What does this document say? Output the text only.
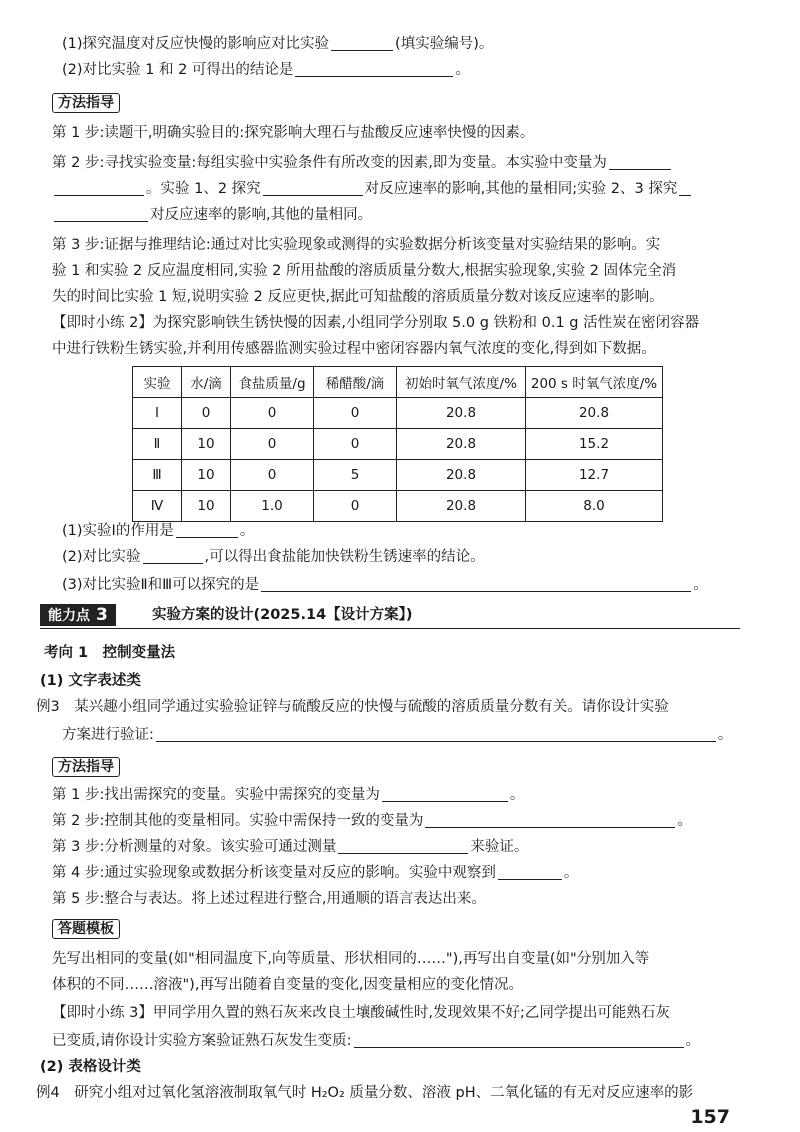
(1)探究温度对反应快慢的影响应对比实验	(填实验编号)。
(2)对比实验 1 和 2 可得出的结论是	。
方法指导
第 1 步:读题干,明确实验目的:探究影响大理石与盐酸反应速率快慢的因素。
第 2 步:寻找实验变量:每组实验中实验条件有所改变的因素,即为变量。本实验中变量为
。实验 1、2 探究	对反应速率的影响,其他的量相同;实验 2、3 探究
对反应速率的影响,其他的量相同。
第 3 步:证据与推理结论:通过对比实验现象或测得的实验数据分析该变量对实验结果的影响。实
验 1 和实验 2 反应温度相同,实验 2 所用盐酸的溶质质量分数大,根据实验现象,实验 2 固体完全消
失的时间比实验 1 短,说明实验 2 反应更快,据此可知盐酸的溶质质量分数对该反应速率的影响。
【即时小练 2】为探究影响铁生锈快慢的因素,小组同学分别取 5.0 g 铁粉和 0.1 g 活性炭在密闭容器
中进行铁粉生锈实验,并利用传感器监测实验过程中密闭容器内氧气浓度的变化,得到如下数据。
实验	水/滴	食盐质量/g	稀醋酸/滴	初始时氧气浓度/%	200 s 时氧气浓度/%
Ⅰ	0	0	0	20.8	20.8
Ⅱ	10	0	0	20.8	15.2
Ⅲ	10	0	5	20.8	12.7
Ⅳ	10	1.0	0	20.8	8.0
(1)实验Ⅰ的作用是	。
(2)对比实验	,可以得出食盐能加快铁粉生锈速率的结论。
(3)对比实验Ⅱ和Ⅲ可以探究的是	。
能力点 3	实验方案的设计(2025.14【设计方案】)
考向 1　控制变量法
(1) 文字表述类
例3　某兴趣小组同学通过实验验证锌与硫酸反应的快慢与硫酸的溶质质量分数有关。请你设计实验
方案进行验证:	。
方法指导
第 1 步:找出需探究的变量。实验中需探究的变量为	。
第 2 步:控制其他的变量相同。实验中需保持一致的变量为	。
第 3 步:分析测量的对象。该实验可通过测量	来验证。
第 4 步:通过实验现象或数据分析该变量对反应的影响。实验中观察到	。
第 5 步:整合与表达。将上述过程进行整合,用通顺的语言表达出来。
答题模板
先写出相同的变量(如"相同温度下,向等质量、形状相同的……"),再写出自变量(如"分别加入等
体积的不同……溶液"),再写出随着自变量的变化,因变量相应的变化情况。
【即时小练 3】甲同学用久置的熟石灰来改良土壤酸碱性时,发现效果不好;乙同学提出可能熟石灰
已变质,请你设计实验方案验证熟石灰发生变质:	。
(2) 表格设计类
例4　研究小组对过氧化氢溶液制取氧气时 H₂O₂ 质量分数、溶液 pH、二氧化锰的有无对反应速率的影
157
